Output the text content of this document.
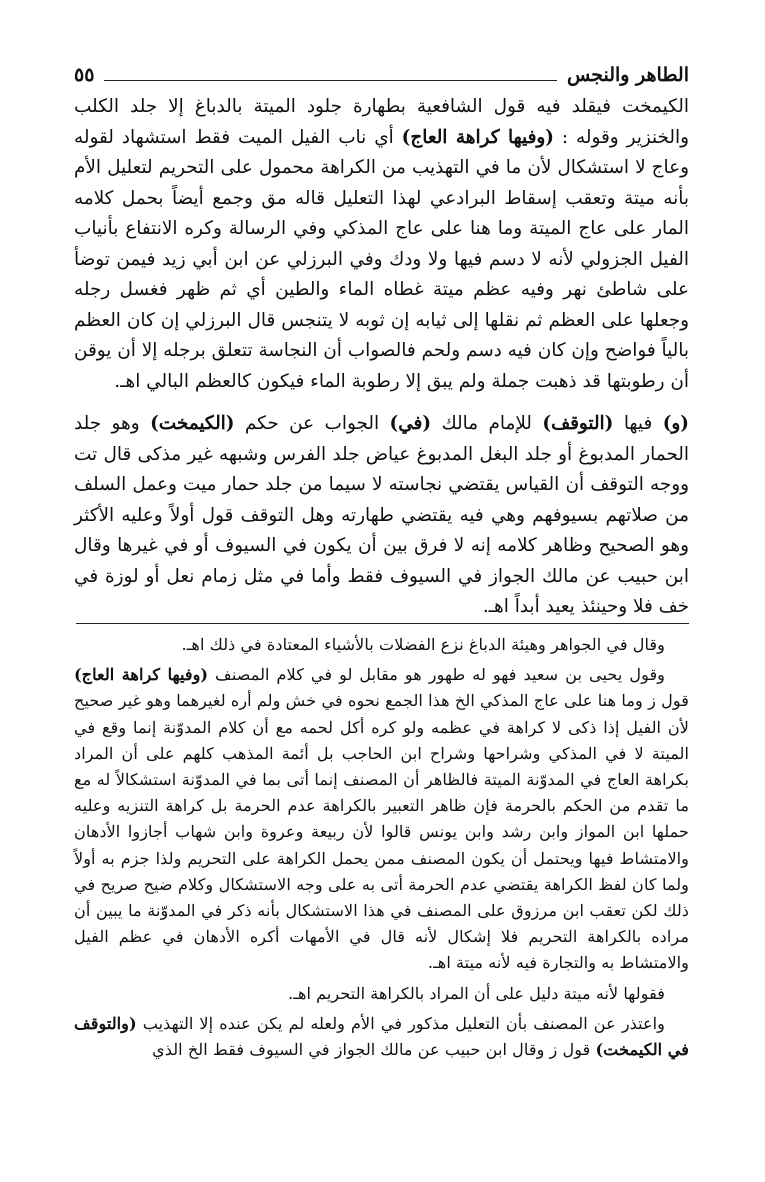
الطاهر والنجس
٥٥

الكيمخت فيقلد فيه قول الشافعية بطهارة جلود الميتة بالدباغ إلا جلد الكلب والخنزير وقوله : (وفيها كراهة العاج) أي ناب الفيل الميت فقط استشهاد لقوله وعاج لا استشكال لأن ما في التهذيب من الكراهة محمول على التحريم لتعليل الأم بأنه ميتة وتعقب إسقاط البرادعي لهذا التعليل قاله مق وجمع أيضاً بحمل كلامه المار على عاج الميتة وما هنا على عاج المذكي وفي الرسالة وكره الانتفاع بأنياب الفيل الجزولي لأنه لا دسم فيها ولا ودك وفي البرزلي عن ابن أبي زيد فيمن توضأ على شاطئ نهر وفيه عظم ميتة غطاه الماء والطين أي ثم ظهر فغسل رجله وجعلها على العظم ثم نقلها إلى ثيابه إن ثوبه لا يتنجس قال البرزلي إن كان العظم بالياً فواضح وإن كان فيه دسم ولحم فالصواب أن النجاسة تتعلق برجله إلا أن يوقن أن رطوبتها قد ذهبت جملة ولم يبق إلا رطوبة الماء فيكون كالعظم البالي اهـ.

(و) فيها (التوقف) للإمام مالك (في) الجواب عن حكم (الكيمخت) وهو جلد الحمار المدبوغ أو جلد البغل المدبوغ عياض جلد الفرس وشبهه غير مذكى قال تت ووجه التوقف أن القياس يقتضي نجاسته لا سيما من جلد حمار ميت وعمل السلف من صلاتهم بسيوفهم وهي فيه يقتضي طهارته وهل التوقف قول أولاً وعليه الأكثر وهو الصحيح وظاهر كلامه إنه لا فرق بين أن يكون في السيوف أو في غيرها وقال ابن حبيب عن مالك الجواز في السيوف فقط وأما في مثل زمام نعل أو لوزة في خف فلا وحينئذ يعيد أبداً اهـ.

وقال في الجواهر وهيئة الدباغ نزع الفضلات بالأشياء المعتادة في ذلك اهـ.

وقول يحيى بن سعيد فهو له طهور هو مقابل لو في كلام المصنف (وفيها كراهة العاج) قول ز وما هنا على عاج المذكي الخ هذا الجمع نحوه في خش ولم أره لغيرهما وهو غير صحيح لأن الفيل إذا ذكى لا كراهة في عظمه ولو كره أكل لحمه مع أن كلام المدوّنة إنما وقع في الميتة لا في المذكي وشراحها وشراح ابن الحاجب بل أئمة المذهب كلهم على أن المراد بكراهة العاج في المدوّنة الميتة فالظاهر أن المصنف إنما أتى بما في المدوّنة استشكالاً له مع ما تقدم من الحكم بالحرمة فإن ظاهر التعبير بالكراهة عدم الحرمة بل كراهة التنزيه وعليه حملها ابن المواز وابن رشد وابن يونس قالوا لأن ربيعة وعروة وابن شهاب أجازوا الأدهان والامتشاط فيها ويحتمل أن يكون المصنف ممن يحمل الكراهة على التحريم ولذا جزم به أولاً ولما كان لفظ الكراهة يقتضي عدم الحرمة أتى به على وجه الاستشكال وكلام ضيح صريح في ذلك لكن تعقب ابن مرزوق على المصنف في هذا الاستشكال بأنه ذكر في المدوّنة ما يبين أن مراده بالكراهة التحريم فلا إشكال لأنه قال في الأمهات أكره الأدهان في عظم الفيل والامتشاط به والتجارة فيه لأنه ميتة اهـ.

فقولها لأنه ميتة دليل على أن المراد بالكراهة التحريم اهـ.

واعتذر عن المصنف بأن التعليل مذكور في الأم ولعله لم يكن عنده إلا التهذيب (والتوقف في الكيمخت) قول ز وقال ابن حبيب عن مالك الجواز في السيوف فقط الخ الذي
